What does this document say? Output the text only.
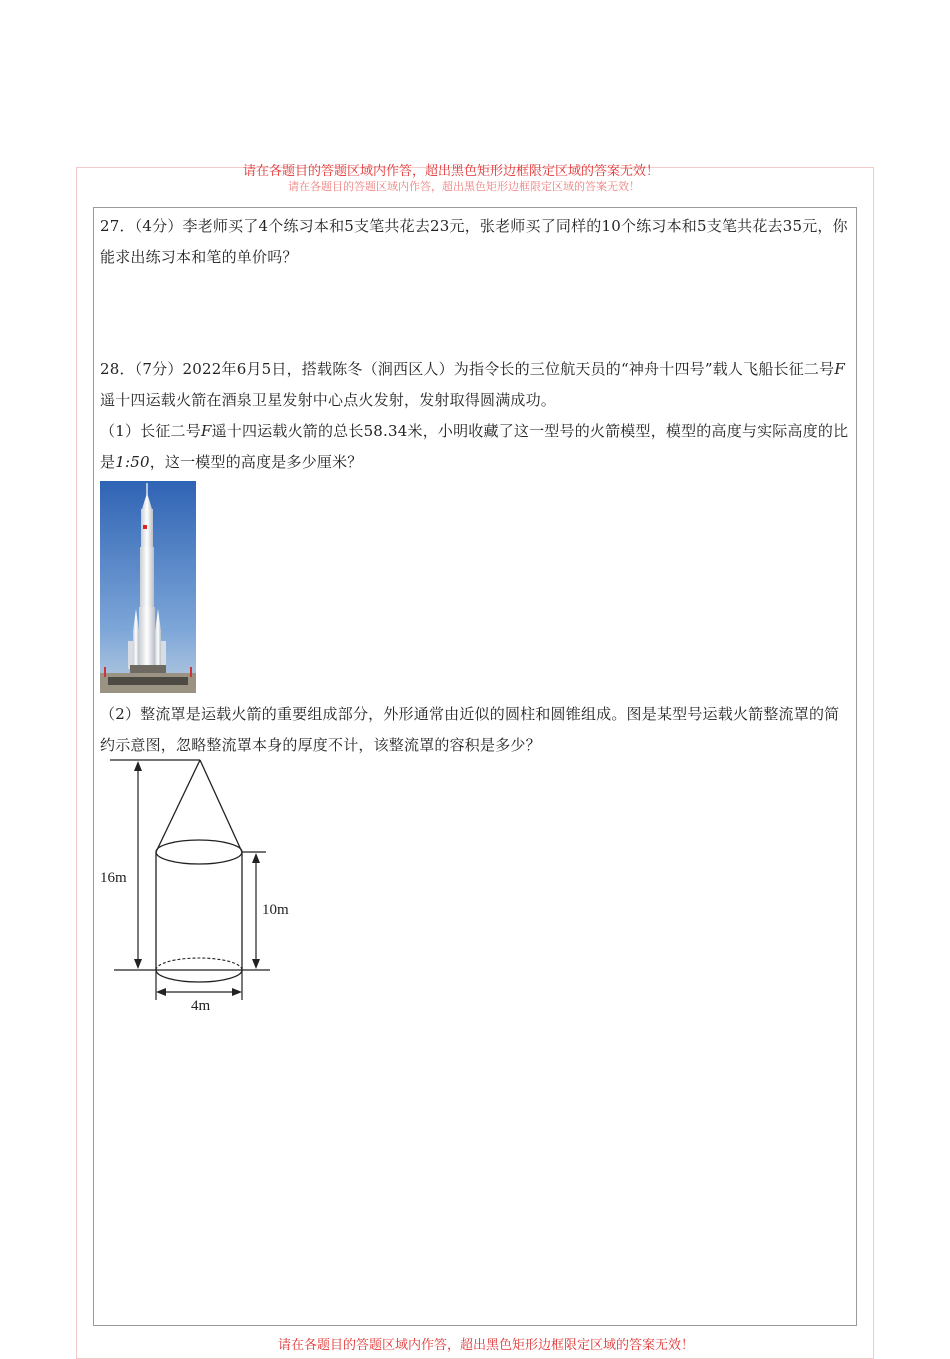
请在各题目的答题区域内作答，超出黑色矩形边框限定区域的答案无效！
请在各题目的答题区域内作答，超出黑色矩形边框限定区域的答案无效！
27．（4分）李老师买了4个练习本和5支笔共花去23元，张老师买了同样的10个练习本和5支笔共花去35元，你能求出练习本和笔的单价吗？
28．（7分）2022年6月5日，搭载陈冬（涧西区人）为指令长的三位航天员的“神舟十四号”载人飞船长征二号F遥十四运载火箭在酒泉卫星发射中心点火发射，发射取得圆满成功。
（1）长征二号F遥十四运载火箭的总长58.34米，小明收藏了这一型号的火箭模型，模型的高度与实际高度的比是1:50，这一模型的高度是多少厘米？
（2）整流罩是运载火箭的重要组成部分，外形通常由近似的圆柱和圆锥组成。图是某型号运载火箭整流罩的简约示意图，忽略整流罩本身的厚度不计，该整流罩的容积是多少？
16m
10m
4m
请在各题目的答题区域内作答，超出黑色矩形边框限定区域的答案无效！
